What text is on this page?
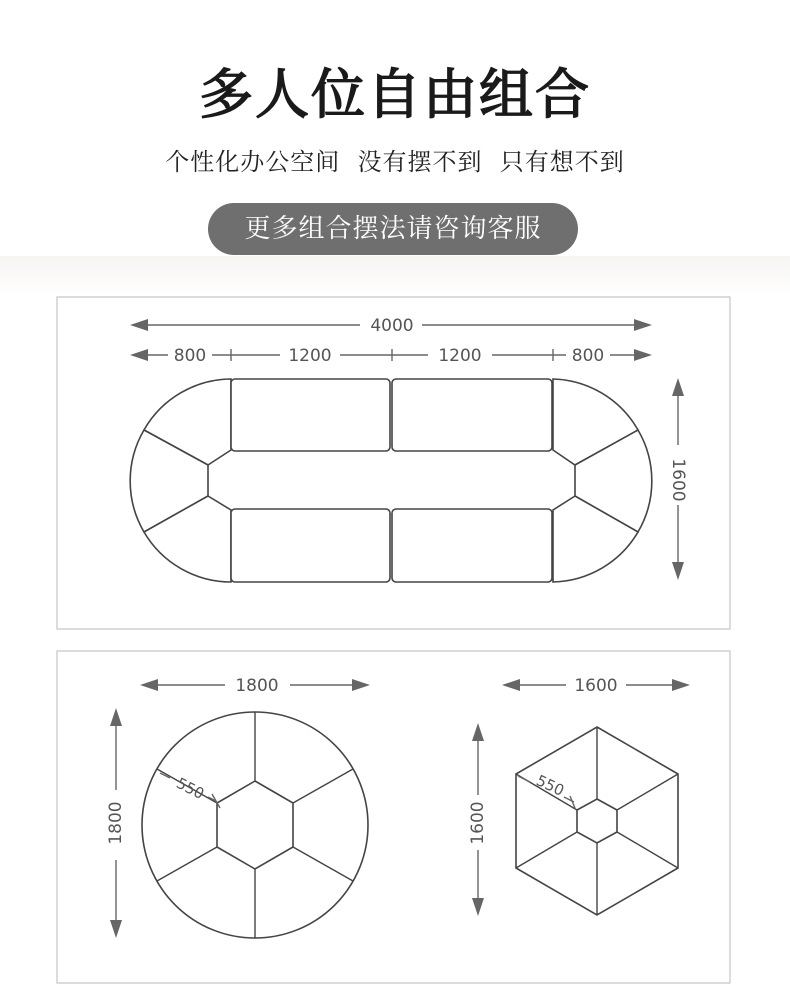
多人位自由组合
个性化办公空间  没有摆不到  只有想不到
更多组合摆法请咨询客服
4000
800	1200	1200	800
1600
1800
1800
550
1600
1600
550
